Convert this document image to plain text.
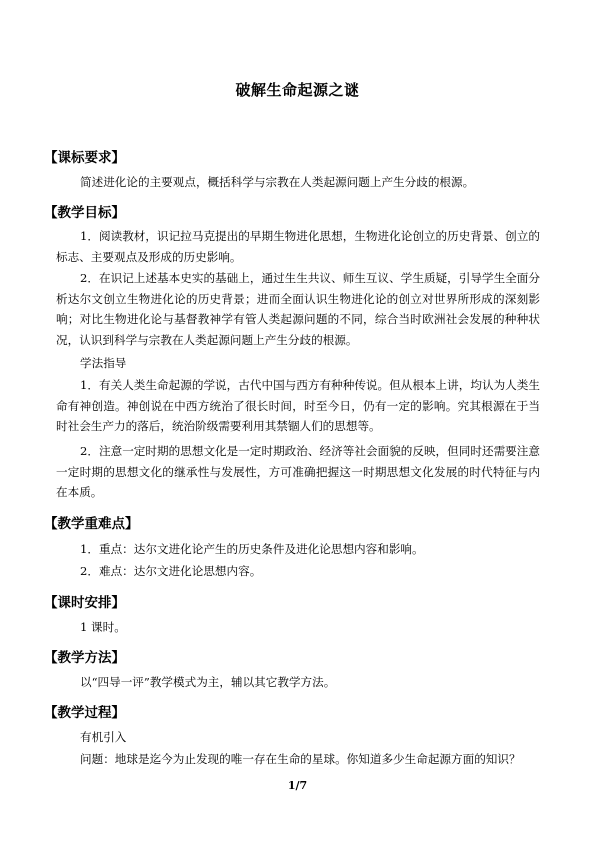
破解生命起源之谜
【课标要求】
简述进化论的主要观点，概括科学与宗教在人类起源问题上产生分歧的根源。
【教学目标】
1．阅读教材，识记拉马克提出的早期生物进化思想，生物进化论创立的历史背景、创立的标志、主要观点及形成的历史影响。
2．在识记上述基本史实的基础上，通过生生共议、师生互议、学生质疑，引导学生全面分析达尔文创立生物进化论的历史背景；进而全面认识生物进化论的创立对世界所形成的深刻影响；对比生物进化论与基督教神学有管人类起源问题的不同，综合当时欧洲社会发展的种种状况，认识到科学与宗教在人类起源问题上产生分歧的根源。
学法指导
1．有关人类生命起源的学说，古代中国与西方有种种传说。但从根本上讲，均认为人类生命有神创造。神创说在中西方统治了很长时间，时至今日，仍有一定的影响。究其根源在于当时社会生产力的落后，统治阶级需要利用其禁锢人们的思想等。
2．注意一定时期的思想文化是一定时期政治、经济等社会面貌的反映，但同时还需要注意一定时期的思想文化的继承性与发展性，方可准确把握这一时期思想文化发展的时代特征与内在本质。
【教学重难点】
1．重点：达尔文进化论产生的历史条件及进化论思想内容和影响。
2．难点：达尔文进化论思想内容。
【课时安排】
1 课时。
【教学方法】
以“四导一评”教学模式为主，辅以其它教学方法。
【教学过程】
有机引入
问题：地球是迄今为止发现的唯一存在生命的星球。你知道多少生命起源方面的知识？
1/7
